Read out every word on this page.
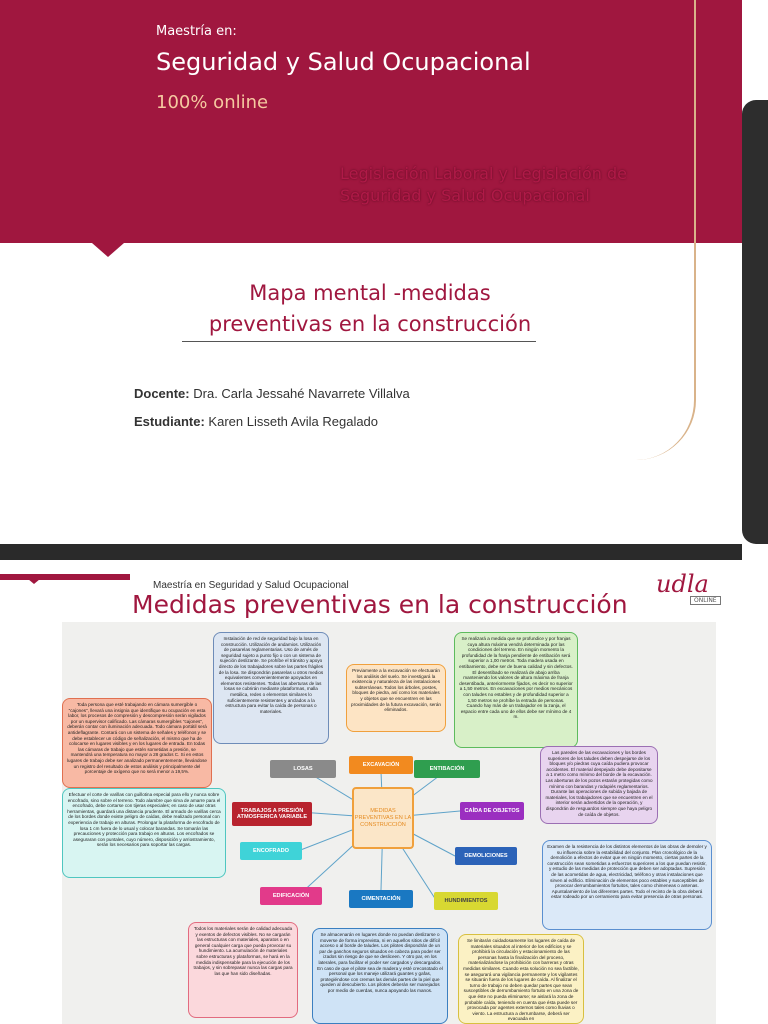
Maestría en:
Seguridad y Salud Ocupacional
100% online
Legislación Laboral y Legislación de Seguridad y Salud Ocupacional
Mapa mental -medidas
preventivas en la construcción
Docente: Dra. Carla Jessahé Navarrete Villalva
Estudiante: Karen Lisseth Avila Regalado
Maestría en Seguridad y Salud Ocupacional
Medidas preventivas en la construcción
udla
ONLINE
Instalación de red de seguridad bajo la losa en construcción. Utilización de andamios. Utilización de pasarelas reglamentarias. Uso de arnés de seguridad sujeto a punto fijo o con un sistema de sujeción deslizante. Se prohíbe el tránsito y apoyo directo de los trabajadores sobre las partes frágiles de la losa. Se dispondrán pasarelas u otros medios equivalentes convenientemente apoyados en elementos resistentes. Todas las aberturas de las losas se cubrirán mediante plataformas, malla metálica, redes o elementos similares lo suficientemente resistentes y anclados a la estructura para evitar la caída de personas o materiales.
Previamente a la excavación se efectuarán los análisis del suelo. Se investigará la existencia y naturaleza de las instalaciones subterráneas. Todos los árboles, postes, bloques de piedra, así como los materiales y objetos que se encuentren en las proximidades de la futura excavación, serán eliminados.
Se realizará a medida que se profundice y por franjas cuya altura máxima vendrá determinada por las condiciones del terreno. En ningún momento la profundidad de la franja pendiente de entibación será superior a 1,00 metros. Toda madera usada en entibamiento, debe ser de buena calidad y sin defectos. El desentibado se realizará de abajo arriba manteniendo los valores de altura máxima de franja desentibada, anteriormente fijados, es decir no superior a 1,50 metros. En excavaciones por medios mecánicos con taludes no estables y de profundidad superior a 1,50 metros se prohíbe la entrada de personas. Cuando hay más de un trabajador en la zanja, el espacio entre cada uno de ellos debe ser mínimo de 4 m.
Toda persona que esté trabajando en cámara sumergible o "cajones", llevará una insignia que identifique su ocupación en esta labor, los procesos de compresión y descompresión serán vigilados por un supervisor calificado. Las cámaras sumergibles "cajones", deberán contar con iluminación adecuada. Todo cámara portátil será antideflagrante. Contará con un sistema de señales y teléfonos y se debe establecer un código de señalización, el mismo que ha de colocarse en lugares visibles y en los lugares de entrada. En todas las cámaras de trabajo que estén sometidas a presión, se mantendrá una temperatura no mayor a 28 grados C. Si en estos lugares de trabajo debe ser analizado permanentemente, llevándose un registro del resultado de estos análisis y principalmente del porcentaje de oxígeno que no será menor a 19,5%.
Las paredes de las excavaciones y los bordes superiores de los taludes deben despejarse de los bloques y/o piedras cuya caída pudiera provocar accidentes. El material despejado debe depositarse a 1 metro como mínimo del borde de la excavación. Las aberturas de los pozos estarán protegidas como mínimo con barandas y rodapiés reglamentarios. Durante las operaciones de subida y bajada de materiales, los trabajadores que se encuentren en el interior serán advertidos de la operación, y dispondrán de resguardos siempre que haya peligro de caída de objetos.
Efectuar el corte de varillas con guillotina especial para ello y nunca sobre encofrado, sino sobre el terreno. Todo alambre que sirva de amarre para el encofrado, debe cortarse con tijeras especiales; en caso de usar otras herramientas, guardará una distancia prudente. El armado de varillas cerca de los bordes donde existe peligro de caídas, debe realizado personal con experiencia de trabajo en alturas. Prolongar la plataforma de encofrado de losa 1 cm fuera de lo usual y colocar barandas. Se tomarán las precauciones y protección para trabajo en alturas. Los encofrados se aseguraran con puntales, cuyo número, disposición y arriostramiento, serán los necesarios para soportar las cargas.	Examen de la resistencia de los distintos elementos de las obras de demoler y su influencia sobre la estabilidad del conjunto. Plan cronológico de la demolición a efectos de evitar que en ningún momento, ciertas partes de la construcción sean sometidas a esfuerzos superiores a los que puedan resistir, y estudio de las medidas de protección que deben ser adoptadas. Supresión de las acometidas de agua, electricidad, teléfono y otras instalaciones que sirven al edificio. Eliminación de elementos poco estables y susceptibles de provocar derrumbamientos fortuitos, tales como chimeneas o antenas. Apuntalamiento de las diferentes partes. Todo el recinto de la obra deberá estar rodeado por un cerramiento para evitar presencia de otras personas.
Todos los materiales serán de calidad adecuada y exentos de defectos visibles. No se cargarán las estructuras con materiales, aparatos o en general cualquier carga que pueda provocar su hundimiento. La acumulación de materiales sobre estructuras y plataformas, se hará en la medida indispensable para la ejecución de los trabajos, y sin sobrepasar nunca las cargas para las que han sido diseñadas.
Se almacenarán en lugares donde no puedan deslizarse o moverse de forma imprevista, ni en aquellos sitios de difícil acceso o al borde de taludes. Los pilotes dispondrán de un par de ganchos seguros situados en cabeza para poder ser izados sin riesgo de que se desliceen. Y otro par, en los laterales, para facilitar el poder ser cargados y descargados. En caso de que el pilote sea de madera y esté crecosotado el personal que los maneje utilizará guantes y gafas, protegiéndose con cremas las demás partes de la piel que queden al descubierto. Los pilotes deberán ser manejados por medio de cuerdas, nunca apoyando las manos.
Se limitarán cuidadosamente los lugares de caída de materiales situados al interior de los edificios y se prohibirá la circulación y estacionamiento de las personas hasta la finalización del proceso, materializándose la prohibición con barreras y otras medidas similares. Cuando esta solución no sea factible, se asegurará una vigilancia permanente y los vigilantes se situarán fuera de los lugares de caída. Al finalizar el turno de trabajo no deben quedar partes que sean susceptibles de derrumbamiento fortuito en una zona de que éste no pueda eliminarse; se aislará la zona de probable caída, teniendo en cuenta que ésta puede ser provocada por agentes externos tales como lluvias o viento. La estructura a derrumbarse, deberá ser evacuada en
LOSAS
EXCAVACIÓN
ENTIBACIÓN
TRABAJOS A PRESIÓN ATMOSFERICA VARIABLE
CAÍDA DE OBJETOS
ENCOFRADO
DEMOLICIONES
EDIFICACIÓN	CIMENTACIÓN	HUNDIMIENTOS
MEDIDAS PREVENTIVAS EN LA CONSTRUCCIÓN
